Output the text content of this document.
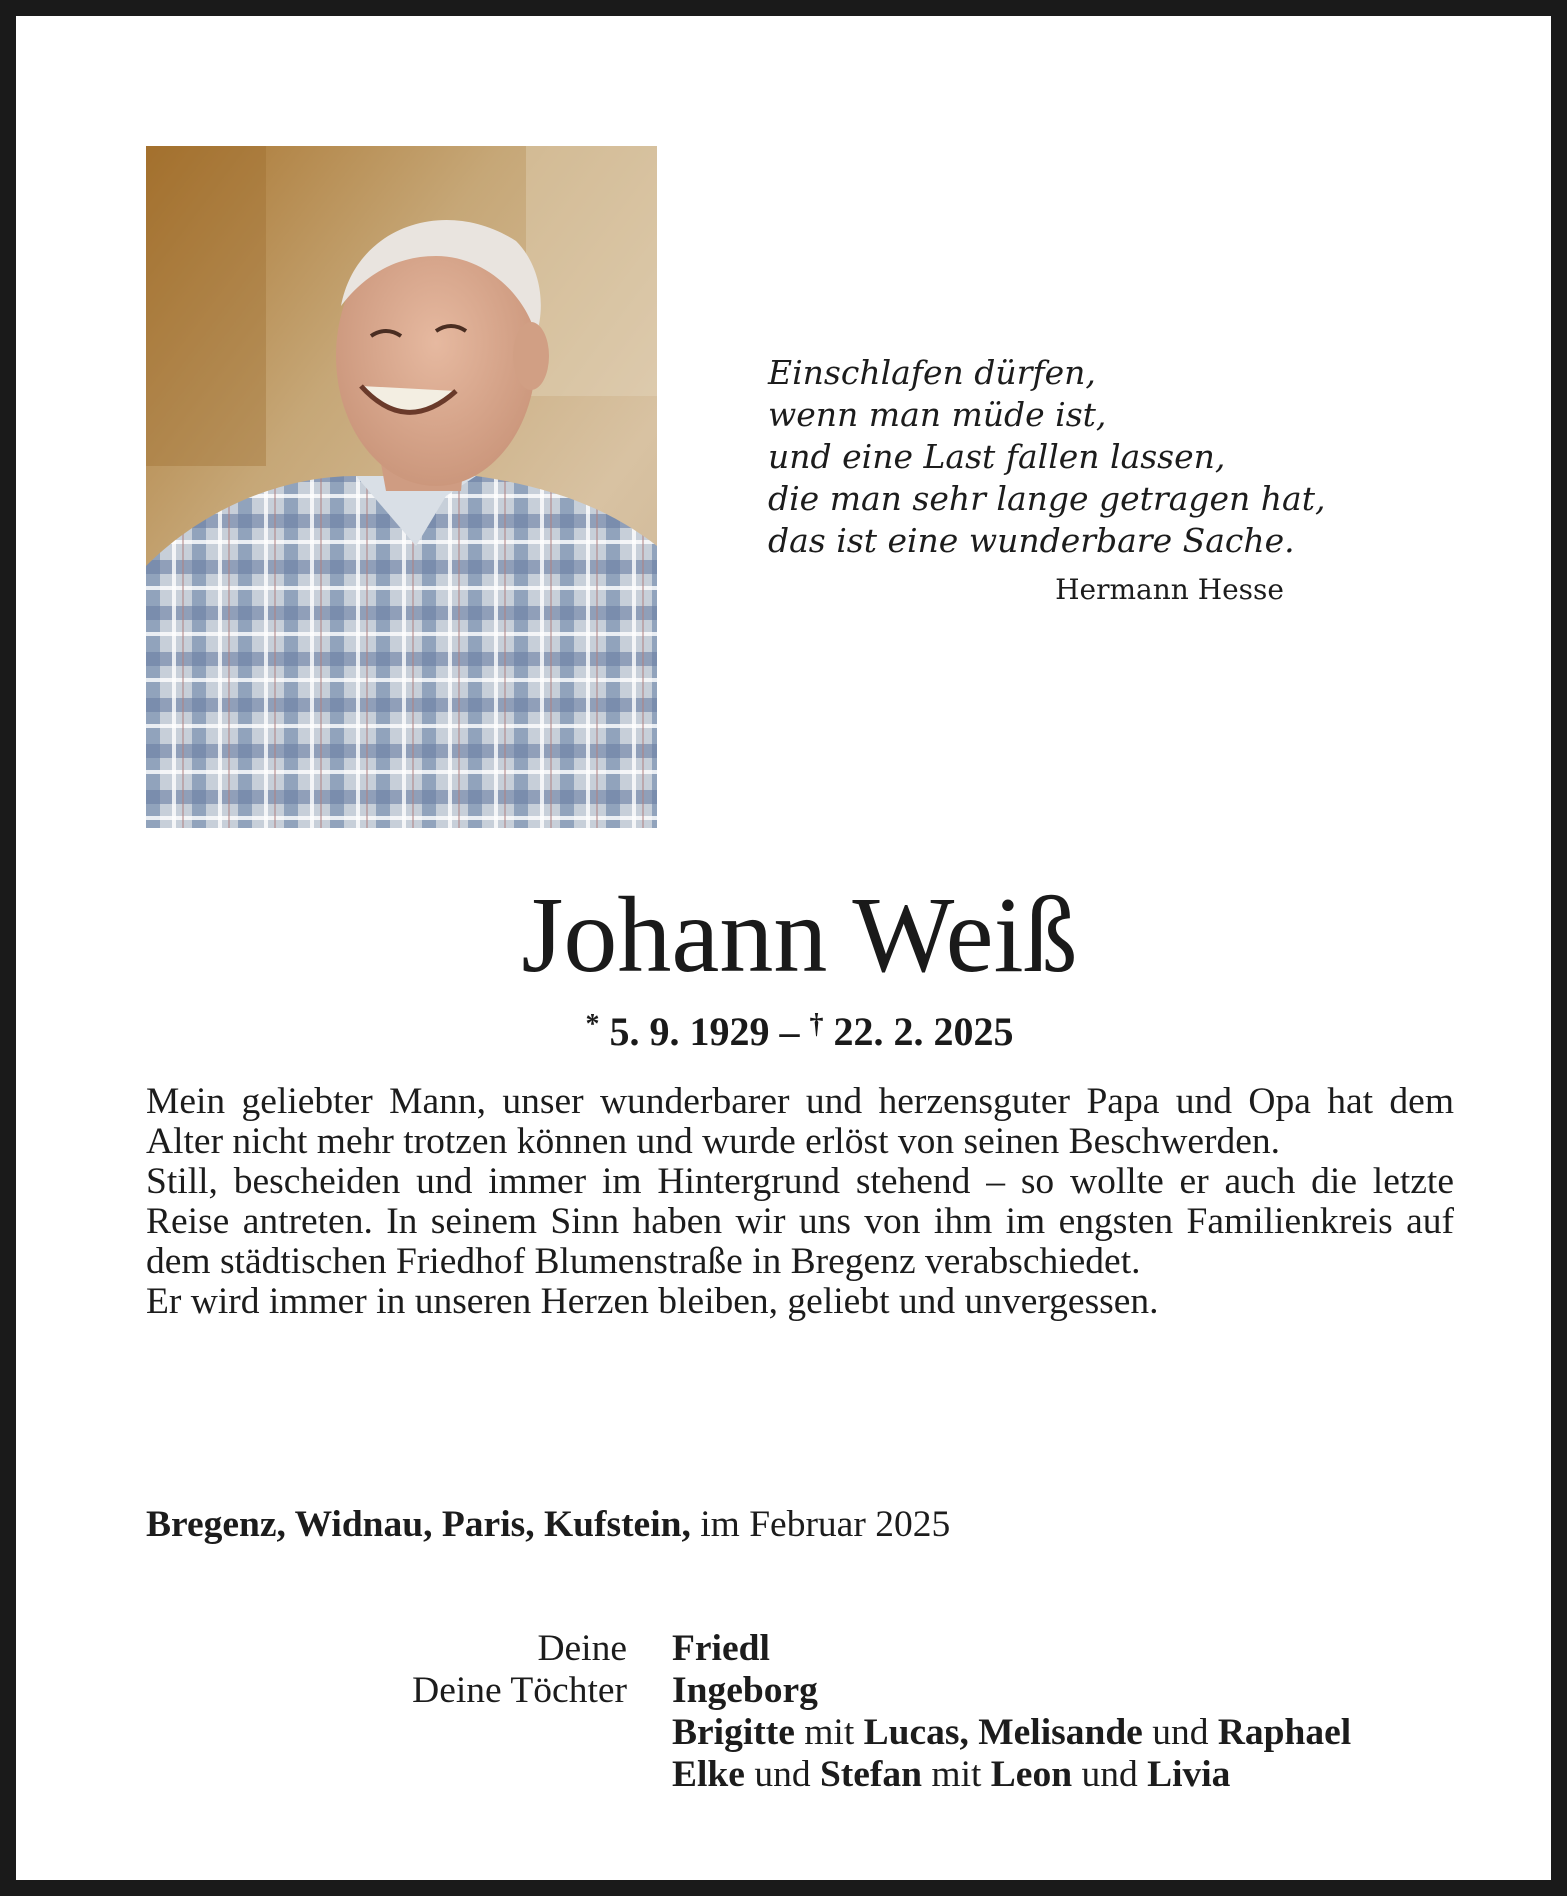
Einschlafen dürfen,
wenn man müde ist,
und eine Last fallen lassen,
die man sehr lange getragen hat,
das ist eine wunderbare Sache.
Hermann Hesse
Johann Weiß
* 5. 9. 1929 – † 22. 2. 2025

Mein geliebter Mann, unser wunderbarer und herzensguter Papa und Opa hat dem Alter nicht mehr trotzen können und wurde erlöst von seinen Beschwerden.

Still, bescheiden und immer im Hintergrund stehend – so wollte er auch die letzte Reise antreten. In seinem Sinn haben wir uns von ihm im engsten Familienkreis auf dem städtischen Friedhof Blumenstraße in Bregenz verabschiedet.

Er wird immer in unseren Herzen bleiben, geliebt und unvergessen.

Bregenz, Widnau, Paris, Kufstein, im Februar 2025
Deine
Deine Töchter
Friedl
Ingeborg
Brigitte mit Lucas, Melisande und Raphael
Elke und Stefan mit Leon und Livia
